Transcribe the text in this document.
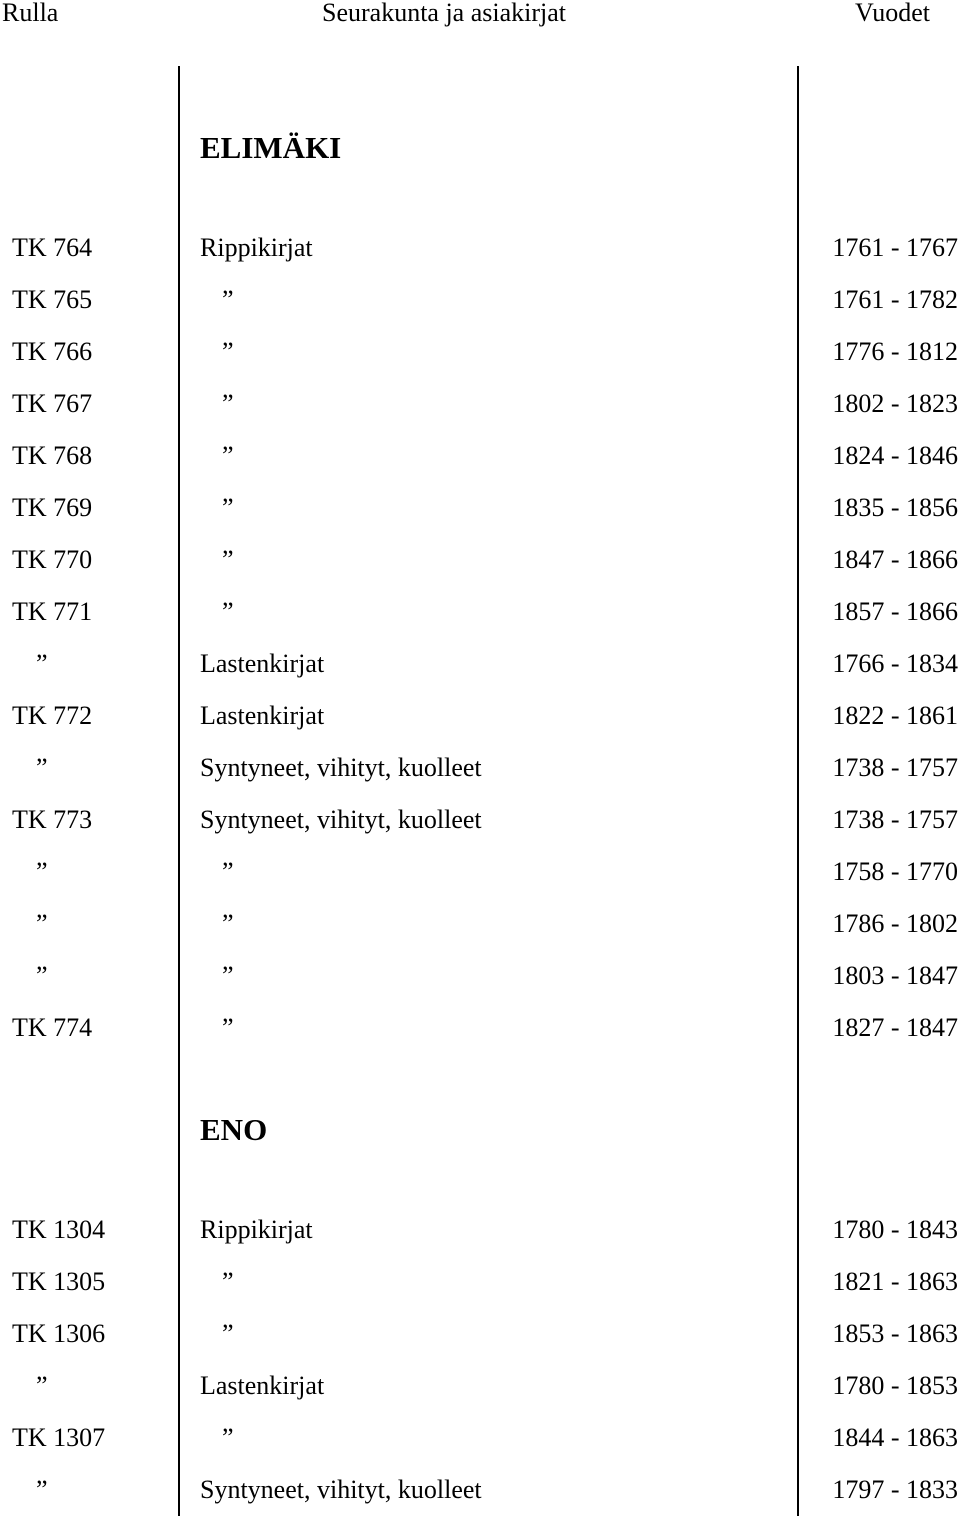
Rulla	Seurakunta ja asiakirjat	Vuodet
ELIMÄKI
TK 764	Rippikirjat	1761 - 1767
TK 765	”	1761 - 1782
TK 766	”	1776 - 1812
TK 767	”	1802 - 1823
TK 768	”	1824 - 1846
TK 769	”	1835 - 1856
TK 770	”	1847 - 1866
TK 771	”	1857 - 1866
”	Lastenkirjat	1766 - 1834
TK 772	Lastenkirjat	1822 - 1861
”	Syntyneet, vihityt, kuolleet	1738 - 1757
TK 773	Syntyneet, vihityt, kuolleet	1738 - 1757
”	”	1758 - 1770
”	”	1786 - 1802
”	”	1803 - 1847
TK 774	”	1827 - 1847
ENO
TK 1304	Rippikirjat	1780 - 1843
TK 1305	”	1821 - 1863
TK 1306	”	1853 - 1863
”	Lastenkirjat	1780 - 1853
TK 1307	”	1844 - 1863
”	Syntyneet, vihityt, kuolleet	1797 - 1833
